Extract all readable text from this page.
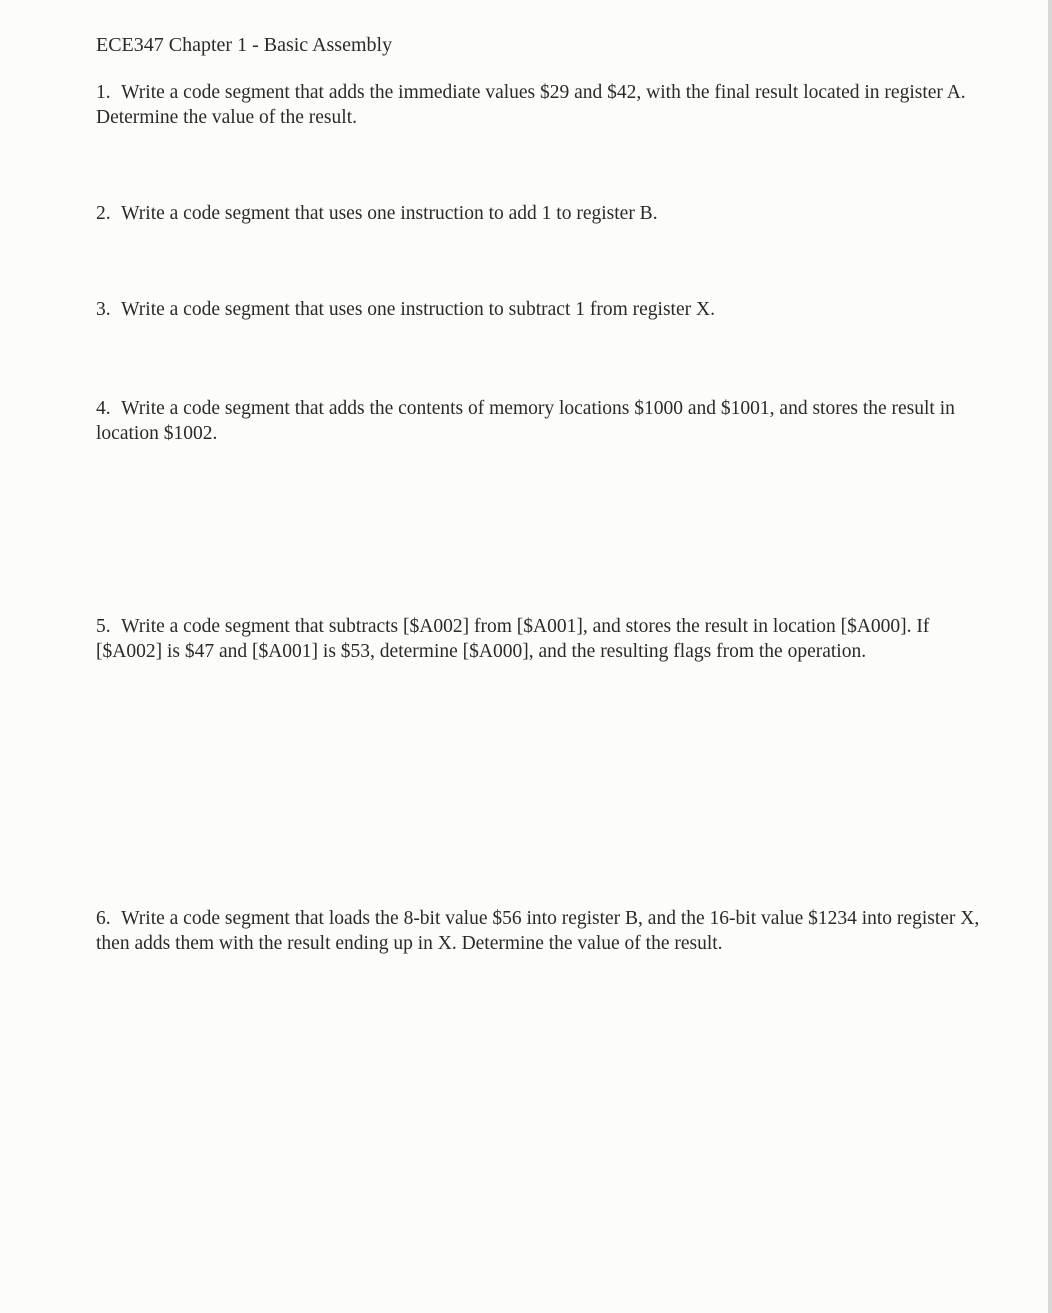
ECE347 Chapter 1 - Basic Assembly
1. Write a code segment that adds the immediate values $29 and $42, with the final result located in register A. Determine the value of the result.
2. Write a code segment that uses one instruction to add 1 to register B.
3. Write a code segment that uses one instruction to subtract 1 from register X.
4. Write a code segment that adds the contents of memory locations $1000 and $1001, and stores the result in location $1002.
5. Write a code segment that subtracts [$A002] from [$A001], and stores the result in location [$A000]. If [$A002] is $47 and [$A001] is $53, determine [$A000], and the resulting flags from the operation.
6. Write a code segment that loads the 8-bit value $56 into register B, and the 16-bit value $1234 into register X, then adds them with the result ending up in X. Determine the value of the result.
